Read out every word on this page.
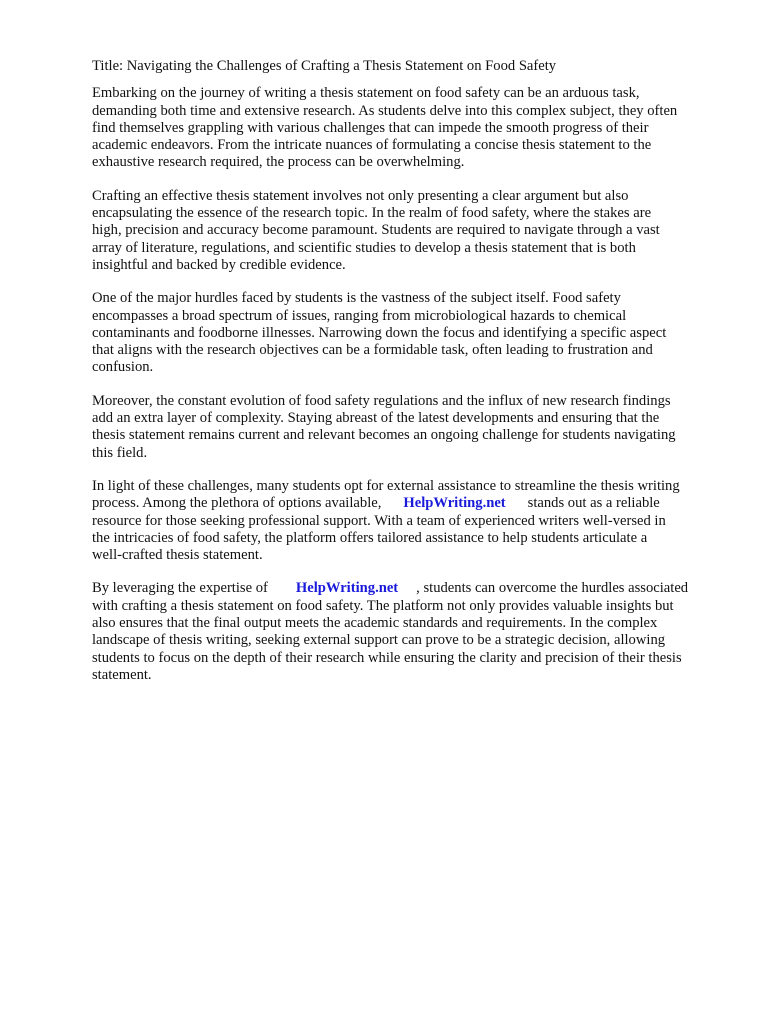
Title: Navigating the Challenges of Crafting a Thesis Statement on Food Safety

Embarking on the journey of writing a thesis statement on food safety can be an arduous task,
demanding both time and extensive research. As students delve into this complex subject, they often
find themselves grappling with various challenges that can impede the smooth progress of their
academic endeavors. From the intricate nuances of formulating a concise thesis statement to the
exhaustive research required, the process can be overwhelming.

Crafting an effective thesis statement involves not only presenting a clear argument but also
encapsulating the essence of the research topic. In the realm of food safety, where the stakes are
high, precision and accuracy become paramount. Students are required to navigate through a vast
array of literature, regulations, and scientific studies to develop a thesis statement that is both
insightful and backed by credible evidence.

One of the major hurdles faced by students is the vastness of the subject itself. Food safety
encompasses a broad spectrum of issues, ranging from microbiological hazards to chemical
contaminants and foodborne illnesses. Narrowing down the focus and identifying a specific aspect
that aligns with the research objectives can be a formidable task, often leading to frustration and
confusion.

Moreover, the constant evolution of food safety regulations and the influx of new research findings
add an extra layer of complexity. Staying abreast of the latest developments and ensuring that the
thesis statement remains current and relevant becomes an ongoing challenge for students navigating
this field.

In light of these challenges, many students opt for external assistance to streamline the thesis writing
process. Among the plethora of options available, HelpWriting.net stands out as a reliable
resource for those seeking professional support. With a team of experienced writers well-versed in
the intricacies of food safety, the platform offers tailored assistance to help students articulate a
well-crafted thesis statement.

By leveraging the expertise of HelpWriting.net , students can overcome the hurdles associated
with crafting a thesis statement on food safety. The platform not only provides valuable insights but
also ensures that the final output meets the academic standards and requirements. In the complex
landscape of thesis writing, seeking external support can prove to be a strategic decision, allowing
students to focus on the depth of their research while ensuring the clarity and precision of their thesis
statement.
